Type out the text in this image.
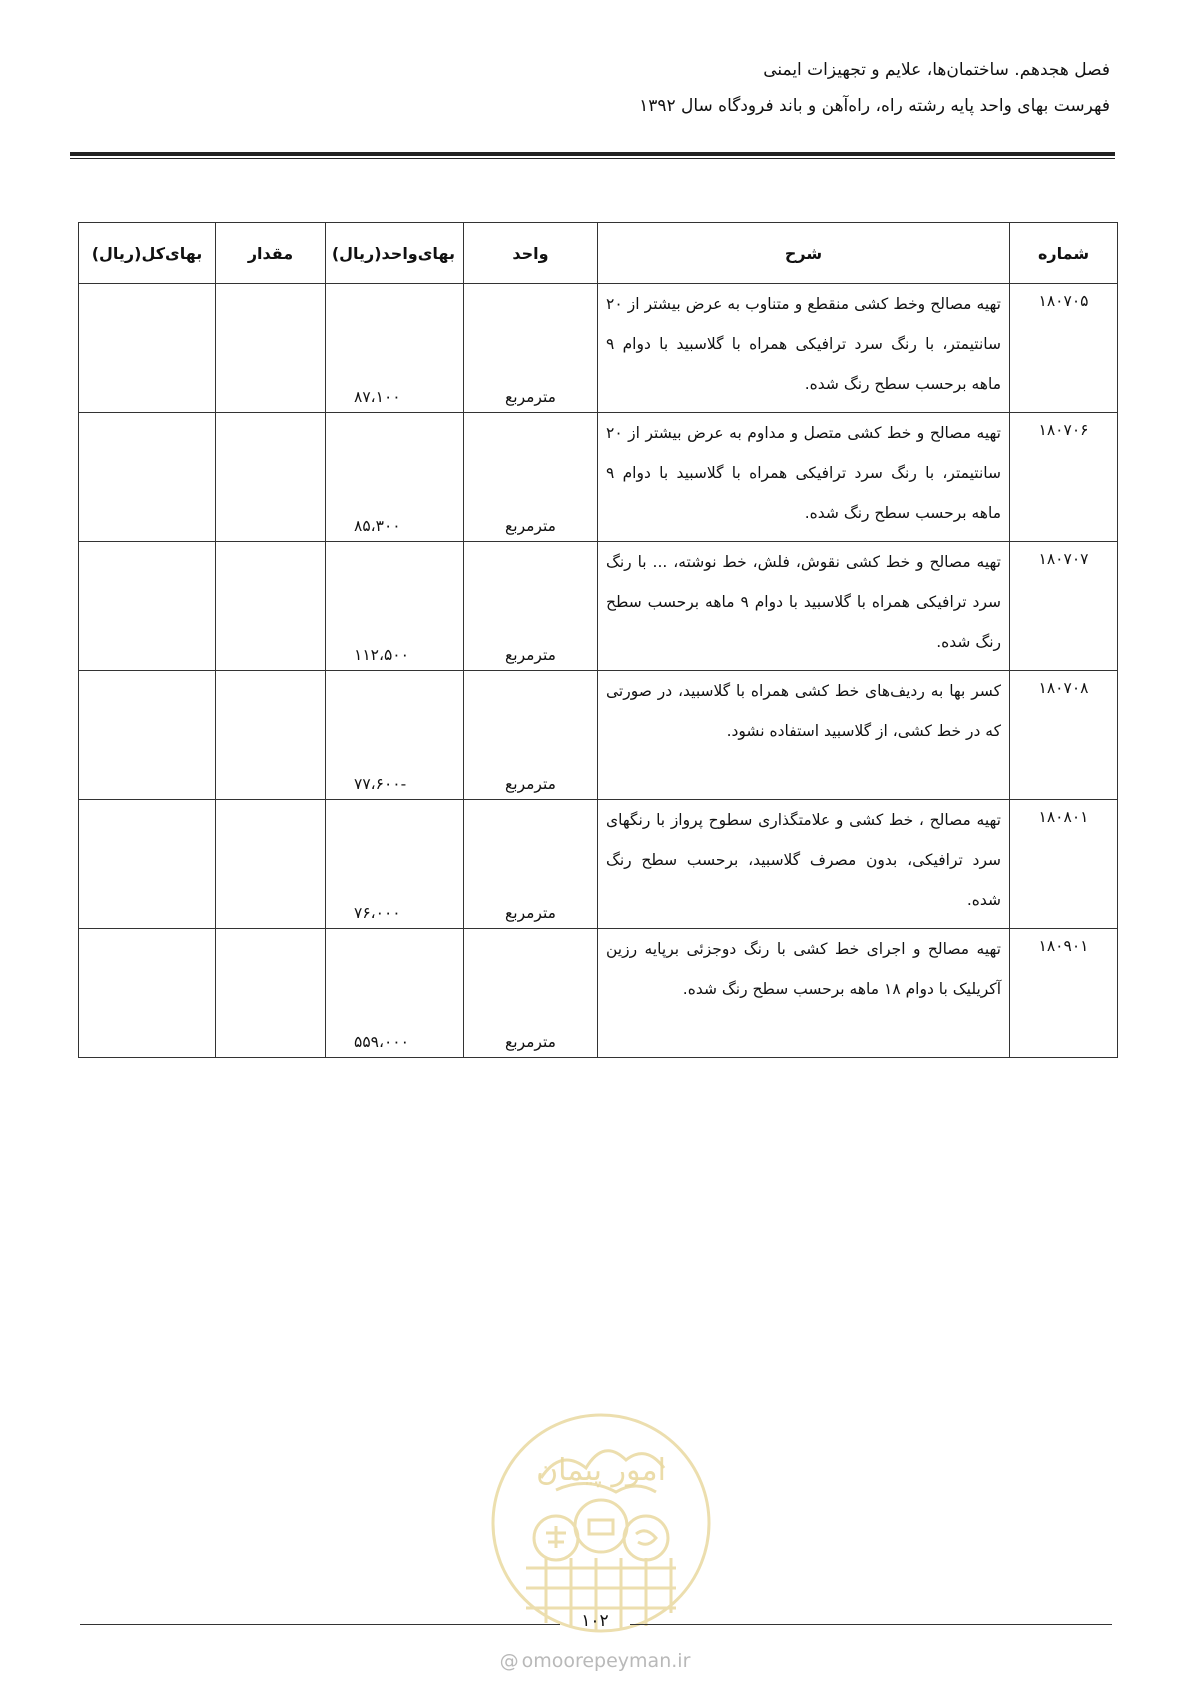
فصل هجدهم. ساختمان‌ها، علایم و تجهیزات ایمنی
فهرست بهای واحد پایه رشته راه، راه‌آهن و باند فرودگاه سال ۱۳۹۲
شماره	شرح	واحد	بهای‌واحد(ریال)	مقدار	بهای‌کل(ریال)
۱۸۰۷۰۵	تهیه مصالح وخط کشی منقطع و متناوب به عرض بیشتر از ۲۰ سانتیمتر، با رنگ سرد ترافیکی همراه با گلاسبید با دوام ۹ ماهه برحسب سطح رنگ شده.	مترمربع	۸۷،۱۰۰		
۱۸۰۷۰۶	تهیه مصالح و خط کشی متصل و مداوم به عرض بیشتر از ۲۰ سانتیمتر، با رنگ سرد ترافیکی همراه با گلاسبید با دوام ۹ ماهه برحسب سطح رنگ شده.	مترمربع	۸۵،۳۰۰		
۱۸۰۷۰۷	تهیه مصالح و خط کشی نقوش، فلش، خط نوشته، ... با رنگ سرد ترافیکی همراه با گلاسبید با دوام ۹ ماهه برحسب سطح رنگ شده.	مترمربع	۱۱۲،۵۰۰		
۱۸۰۷۰۸	کسر بها به ردیف‌های خط کشی همراه با گلاسبید، در صورتی که در خط کشی، از گلاسبید استفاده نشود.	مترمربع	-۷۷،۶۰۰		
۱۸۰۸۰۱	تهیه مصالح ، خط کشی و علامتگذاری سطوح پرواز با رنگهای سرد ترافیکی، بدون مصرف گلاسبید، برحسب سطح رنگ شده.	مترمربع	۷۶،۰۰۰		
۱۸۰۹۰۱	تهیه مصالح و اجرای خط کشی با رنگ دوجزئی برپایه رزین آکریلیک با دوام ۱۸ ماهه برحسب سطح رنگ شده.	مترمربع	۵۵۹،۰۰۰		
امور پیمان
۱۰۲
@ omoorepeyman.ir
